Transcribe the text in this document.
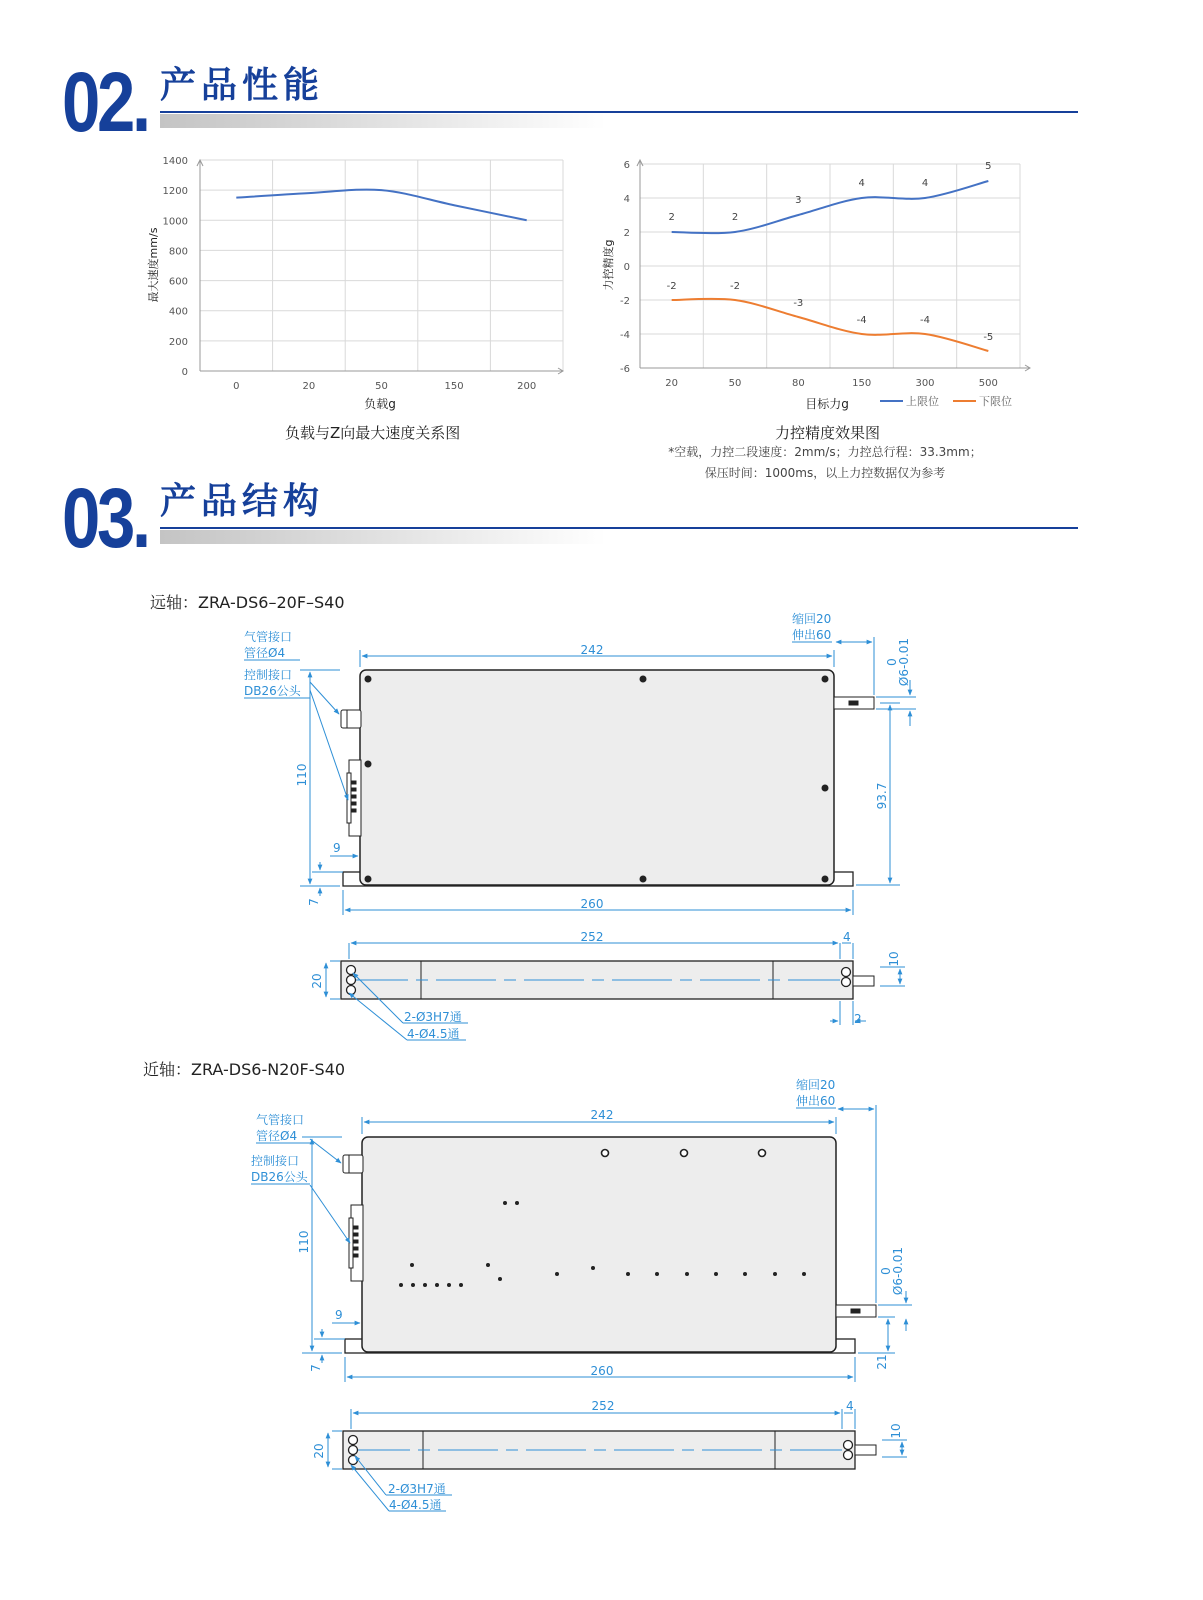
02. 产品性能
0
200
400
600
800
1000
1200
1400
0	20	50	150	200
最大速度mm/s
负载g
负载与Z向最大速度关系图
-6
-4
-2
0
2
4
6
20	50	80	150	300	500
2	2
3
4	4
5
-2	-2
-3
-4	-4
-5
力控精度g
目标力g	上限位	下限位
力控精度效果图
*空载，力控二段速度：2mm/s；力控总行程：33.3mm；
保压时间：1000ms，以上力控数据仅为参考
03. 产品结构
远轴：ZRA-DS6–20F–S40
242
260
110
9
7
93.7
Ø6-0.01
0
缩回20
伸出60
气管接口
管径Ø4
控制接口
DB26公头
252	4
20
10
2
2-Ø3H7通
4-Ø4.5通
近轴：ZRA-DS6-N20F-S40
242
260
110
9
7	21
Ø6-0.01
0
缩回20
伸出60
气管接口
管径Ø4
控制接口
DB26公头
252	4
20
10
2-Ø3H7通
4-Ø4.5通
